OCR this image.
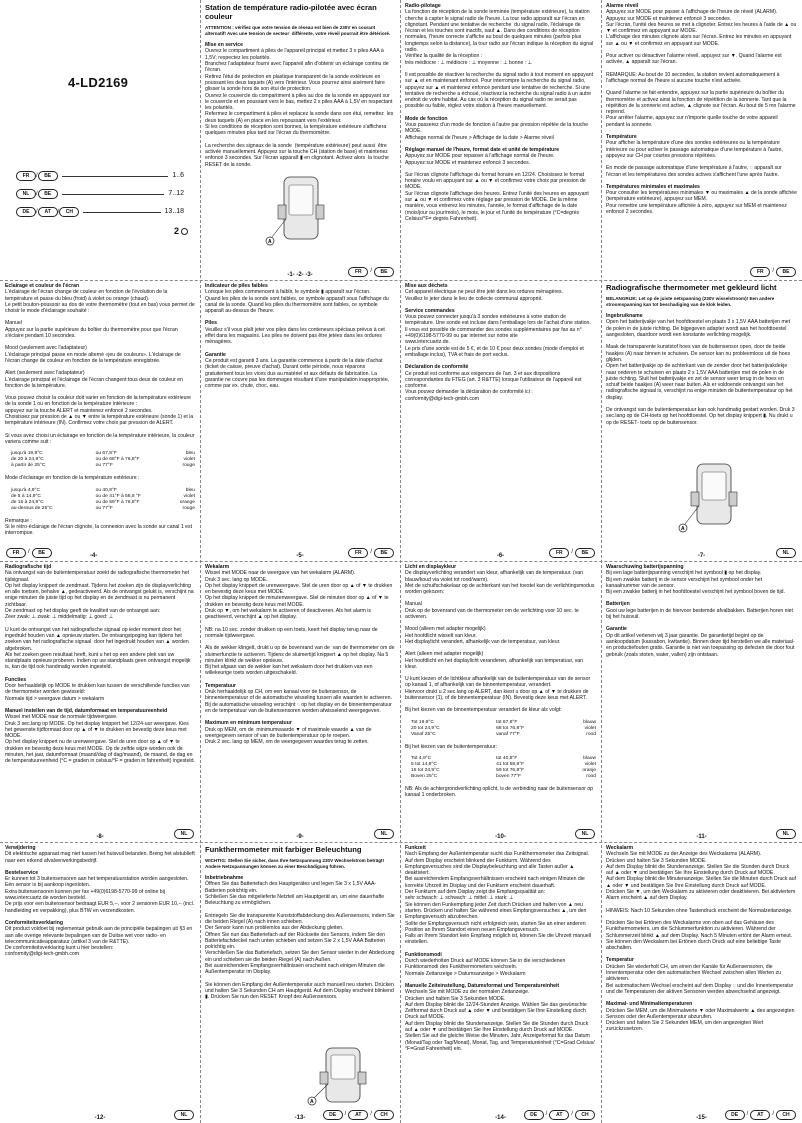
4-LD2169
FR	/	BE	1..6
NL	/	BE	7..12
DE	/	AT	/	CH	13..18
2
Station de température radio-pilotée avec écran couleur

ATTENTION : vérifiez que votre tension de réseau est bien de 230V en courant alternatif! Avec une tension de secteur  différente, votre réveil pourrait être détérioré.

Mise en service

Ouvrez le compartiment à piles de l'appareil principal et mettez 3 x piles AAA à 1,5V; respectez les polarités.
Branchez l'adaptateur fourni avec l'appareil afin d'obtenir un éclairage continu de l'écran.
Retirez l'étui de protection en plastique transparent de la sonde extérieure en poussant les deux taquets (A) vers l'intérieur. Vous pourrez ainsi aisément faire glisser la sonde hors de son étui de protection.
Ouvrez le couvercle du compartiment à piles au dos de la sonde en appuyant sur le couvercle et en poussant vers le bas, mettez 2 x piles AAA à 1,5V en respectant les polarités.
Refermez le compartiment à piles et replacez la sonde dans son étui, remettez  les deux taquets (A) en place en les repoussant vers l'extérieur.
Si les conditions de réception sont bonnes, la température extérieure s'affichera quelques minutes plus tard sur l'écran du thermomètre.

La recherche des signaux de la sonde  (température extérieure) peut aussi  être activée manuellement. Appuyez sur la touche CH (station de base) et maintenez enfoncé 3 secondes. Sur l'écran apparaît ▮ en clignotant. Activez alors  la touche RESET de la sonde.

A
-1- -2- -3-	FR	/	BE
Radio-pilotage

La fonction de réception de la sonde terminée (température extérieure), la station cherche à capter le signal radio de l'heure. La tour radio apparaît sur l'écran en clignotant. Pendant une tentative de recherche  du signal radio, l'éclairage de l'écran et les touches sont inactifs, sauf ▲. Dans des conditions de réception normales, l'heure correcte s'affiche au bout de quelques minutes (parfois plus longtemps selon la distance), la tour radio sur l'écran indique la réception du signal radio.
Vérifiez la qualité de la réception :
très médiocre : ⊥ médiocre : ⊥ moyenne : ⊥ bonne : ⊥

Il est possible de réactiver la recherche du signal radio à tout moment en appuyant sur ▲ et en maintenant enfoncé. Pour interrompre la recherche du signal radio, appuyez sur ▲ et maintenez enfoncé pendant une tentative de recherche. Si une tentative de recherche a échoué, réactivez la recherche du signal radio à un autre endroit de votre habitat. Au cas où la réception du signal radio ne serait pas possible ou faible, réglez votre station à l'heure manuellement.

Mode de fonction

Vous passerez d'un mode de fonction à l'autre par pression répétée de la touche MODE.
Affichage normal de l'heure > Affichage de la date > Alarme réveil

Réglage manuel de l'heure, format date et unité de température

Appuyez sur MODE pour repasser à l'affichage normal de l'heure.
Appuyez sur MODE et maintenez enfoncé 3 secondes.

Sur l'écran clignote l'affichage du format horaire en 12/24. Choisissez le format horaire voulu en appuyant sur ▲ ou ▼ et confirmez votre choix par pression de MODE.
Sur l'écran clignote l'affichage des heures. Entrez l'unité des heures en appuyant sur ▲ ou ▼ et confirmez votre réglage par pression de MODE. De la même manière, vous entrerez les minutes, l'année, le format d'affichage de la date (mois/jour ou jour/mois), le mois, le jour et l'unité de température (°C=degrés Celsius/°F= degrés Fahrenheit).

Alarme réveil

Appuyez sur MODE pour passer à l'affichage de l'heure de réveil (ALARM). Appuyez sur MODE et maintenez enfoncé 3 secondes.
Sur l'écran, l'unité des heures se met à clignoter. Entrez les heures à l'aide de ▲ ou ▼ et confirmez en appuyant sur MODE.
L'affichage des minutes clignote alors sur l'écran. Entrez les minutes en appuyant sur ▲ ou ▼ et confirmez en appuyant sur MODE.

Pour activer ou désactiver l'alarme réveil, appuyez sur ▼. Quand l'alarme est activée, ▲ apparaît sur l'écran.

REMARQUE: Au bout de 10 secondes, la station revient automatiquement à l'affichage normal de l'heure si aucune touche n'est activée.

Quand l'alarme se fait entendre, appuyez sur la partie supérieure du boîtier du thermomètre et activez ainsi la fonction de répétition de la sonnerie. Tant que la répétition de la sonnerie est active, ▲ clignote sur l'écran. Au bout de 5 mn l'alarme reprend.
Pour arrêter l'alarme, appuyez sur n'importe quelle touche de votre appareil pendant la sonnerie.

Température

Pour afficher la température d'une des sondes extérieures ou la température intérieure ou pour activer le passage automatique d'une température à l'autre, appuyez sur CH par courtes pressions répétées.

En mode de passage automatique d'une température à l'autre, ◌ apparaît sur l'écran et les températures des sondes actives s'affichent l'une après l'autre.

Températures minimales et maximales

Pour consulter les températures minimales ▼ ou maximales ▲ de la sonde affichée (température extérieure), appuyez sur MEM.
Pour remettre une température affichée à zéro, appuyez sur MEM et maintenez enfoncé 2 secondes.

FR	/	BE
Eclairage et couleur de l'écran

L'éclairage de l'écran change de couleur en fonction de l'évolution de la température et passe du bleu (froid) à violet ou orange (chaud).
Le petit bouton-poussoir au dos de votre thermomètre (tout en bas) vous permet de choisir le mode d'éclairage souhaité :

Manuel
Appuyez sur la partie supérieure du boîtier du thermomètre pour que l'écran s'éclaire pendant 10 secondes.

Mood (seulement avec l'adaptateur)
L'éclairage principal passe en mode alterné «jeu de couleurs». L'éclairage de l'écran change de couleur en fonction de la température enregistrée.

Alert (seulement avec l'adaptateur)
L'éclairage principal et l'éclairage de l'écran changent tous deux de couleur en fonction de la température.

Vous pouvez choisir la couleur doit varier en fonction de la température extérieure de la sonde 1 ou en fonction de la température intérieure :
appuyez sur la touche ALERT et maintenez enfoncé 2 secondes.
Choisissez par pression de ▲ ou ▼ entre la température extérieure (sonde 1) et la température intérieure (IN). Confirmez votre choix par pression de ALERT.

Si vous avez choisi un éclairage en fonction de la température intérieure, la couleur variera comme suit :

jusqu'à 19,9°C	ou 67,8°F	bleu
de 20 à 24,9°C	ou de 68°F à 76,8°F	violet
à partir de 25°C	ou 77°F	rouge

Mode d'éclairage en fonction de la température extérieure :

jusqu'à 4,9°C	ou 40,8°F	bleu
de 5 à 14,9°C	ou de 41°F à 58,8 °F	violet
de 15 à 24,9°C	ou de 59°F à 76,8°F	orange
au-dessus de 25°C	ou 77°F	rouge

Remarque :
Si le rétro-éclairage de l'écran clignote, la connexion avec la sonde sur canal 1 est interrompue.

FR	/	BE	-4-
Indicateur de piles faibles

Lorsque les piles commencent à faiblir, le symbole ▮ apparaît sur l'écran.
Quand les piles de la sonde sont faibles, ce symbole apparaît sous l'affichage du canal de la sonde. Quand les piles du thermomètre sont faibles, ce symbole apparaît au-dessus de l'heure.

Piles

Veuillez s'il vous plaît jeter vos piles dans les conteneurs spéciaux prévus à cet effet dans les magasins. Les piles ne doivent pas être jetées dans les ordures ménagères.

Garantie

Ce produit est garanti 3 ans. La garantie commence à partir de la date d'achat (ticket de caisse, preuve d'achat). Durant cette période, nous réparons gratuitement tous les vices dus au matériel et aux défauts de fabrication. La garantie ne couvre pas les dommages résultant d'une manipulation inappropriée, comme par ex. chute, choc, eau.

-5-	FR	/	BE
Mise aux déchets

Cet appareil électrique ne peut être jeté dans les ordures ménagères.
Veuillez le jeter dans le lieu de collecte communal approprié.

Service commandes

Vous pouvez connecter jusqu'à 3 sondes extérieures à votre station de température. Une sonde est incluse dans l'emballage lors de l'achat d'une station.
Il vous est possible de commander des sondes supplémentaires par fax au n° +49(0)6198-5770-99 ou par internet sur notre site
www.intercuartz.de.
Le prix d'une sonde est de 5 €, et de 10 € pour deux sondes (mode d'emploi et emballage inclus), TVA et frais de port exclus.

Déclaration de conformité

Ce produit est conforme aux exigences de l'art. 3 et aux dispositions correspondantes du FTEG (art. 3 R&TTE) lorsque l'utilisateur de l'appareil est conforme.
Vous pouvez demander la déclaration de conformité ici :
conformity@digi-tech-gmbh.com

-6-	FR	/	BE
Radiografische thermometer met gekleurd licht

BELANGRIJK: Let op de juiste netspanning (230V wisselstroom)! Een andere stroomspanning kan tot beschadiging van de klok leiden.

Ingebruikname

Open het batterijvakje van het hoofdtoestel en plaats 3 x 1,5V AAA batterijen met de polen in de juiste richting. De bijgegeven adapter wordt aan het hoofdtoestel aangesloten, daardoor wordt een konstante verlichting mogelijk.

Maak de transparente kunststof hoes van de buitensensor open, door de beide haakjes (A) naar binnen te schuiven. De sensor kan nu probleemloos uit de hoes glijden.
Open het batterijvakje op de achterkant van de zender door het batterijvakdekje naar onderen te schuiven en plaats 2 x 1,5V AAA batterijen met de polen in de juiste richting. Sluit het batterijvakje en zet de sensor weer terug in de hoes en schuif beide haakjes (A) weer naar buiten. Als er voldoende ontvangst van het radiografische signaal is, verschijnt na enige minuten de buitentemperatuur op het display.

De ontvangst van de buitentemperatuur kan ook handmatig gestart worden. Druk 3 sec.lang op de CH-toets op het hoofdtoestel. Op het display knippert ▮. Nu drukt u op de RESET- toets op de buitensensor.

A
-7-	NL
Radiografische tijd

Na ontvangst van de buitentemperatuur zoekt de radiografische thermometer het tijdsignaal.
Op het display knippert de zendmast. Tijdens het zoeken zijn de displayverlichting en alle toetsen, behalve ▲, gedeactiveerd. Als de ontvangst gelukt is, verschijnt na enige minuten de juiste tijd op het display en de zendmast is nu permanent zichtbaar.
De zendmast op het display geeft de kwaliteit van de ontvangst aan:
Zeer zwak: ⊥ zwak: ⊥ middelmatig: ⊥ goed: ⊥

U kunt de ontvangst van het radiografische signaal op ieder moment door het ingedrukt houden van ▲ opnieuw starten. De ontvangstpoging kan tijdens het zoeken van het radiografische signaal  door het ingedrukt houden van ▲ worden afgebroken.
Als het zoeken geen resultaat heeft, kunt u het op een andere plek van uw standplaats opnieuw proberen. Indien op uw standplaats geen ontvangst mogelijk is, kan de tijd ook handmatig worden ingesteld.

Functies

Door herhaaldelijk op MODE te drukken kan tussen de verschillende functies van de thermometer worden gewisseld:
Normale tijd > weergave datum > wekalarm

Manuel instellen van de tijd, datumformaat en temperatuureenheid

Wissel met MODE naar de normale tijdweergave.
Druk 3 sec.lang op MODE. Op het display knippert het 12/24-uur weergave. Kies het gewenste tijdformaat door op ▲ of ▼ te drukken en bevestig deze keus met MODE.
Op het display knippert nu de urenweergave. Stel de uren door op ▲ of ▼ te drukken en bevestig deze keus met MODE. Op de zelfde wijze worden ook de minuten, het jaar, datumformaat (maand/dag of dag/maand), de maand, de dag en de temperatuureenheid (°C = graden in celsius/°F = graden in fahrenheit) ingesteld.

-8-	NL
Wekalarm

Wissel met MODE naar de weergave van het wekalarm (ALARM).
Druk 3 sec. lang op MODE.
Op het display knippert de urenweergave. Stel de uren door op ▲ of ▼ te drukken en bevestig deze keus met MODE.
Op het display knippert de minutenweergave. Stel de minuten door op ▲ of ▼ te drukken en bevestig deze keus met MODE.
Druk op ▼, om het wekalarm te activeren of deactiveren. Als het alarm is geactiveerd, verschijnt ▲ op het display.

NB: na 10 sec. zonder drukken op een toets, keert het display terug naar de normale tijdweergave.

Als de wekker klingelt, drukt u op de bovenrand van de  van de thermometer om de sluimerfunctie te activeren. Tijdens de sluimertijd knippert ▲ op het display. Na 5 minuten klinkt de wekker opnieuw.
Bij het afgaan van de wekker kan het wekalarm door het drukken van een willekeurige toets worden uitgeschakeld.

Temperatuur

Druk herhaaldelijk op CH, om een kanaal voor de buitensensor, de binnentemperatuur of de automatische wisseling tussen alle waarden te activeren.
Bij de automatische wisseling verschijnt ◌ op het display en de binnentemperatuur en de temperatuur van de buitensensoren worden afwisselend weergegeven.

Maximum en minimum temperatuur

Druk op MEM, om de  minimumwaarde ▼ of maximale waarde ▲ van de weergegeven sensor of van de buitentemperatuur op te roepen.
Druk 2 sec. lang op MEM, om de weergegeven waardes terug te zetten.

-9-	NL
Licht en displaykleur

De displayverlichting verandert van kleur, afhankelijk van de temperatuur. (van blauw/koud via violet tot rood/warm).
Met de schuifschakelaar op de achterkant van het toestel kan de verlichtingsmodus worden gekozen:

Manual
Druk op de bovenrand van de thermometer om de verlichting voor 10 sec. te activeren.

Mood (alleen met adapter mogelijk)
Het hoofdlicht wisselt van kleur.
Het displaylicht verandert, afhankelijk van de temperatuur, van kleur.

Alert (alleen met adapter mogelijk)
Het hoofdlicht en het displaylicht veranderen, afhankelijk van temperatuur, van kleur.

U kunt kiezen of de lichtkleur afhankelijk van de buitentemperatuur van de sensor op kanaal 1, of afhankelijk van de binnentemperatuur, verandert.
Hiervoor drukt u 2 sec.lang op ALERT, dan kiest u door op ▲ of ▼ te drukken de buitensensor (1), of de binnentemperatuur (IN). Bevestig deze keus met ALERT.

Bij het kiezen van de binnentemperatuur verandert de kleur als volgt:

Tot 19,9°C	tot 67,8°F	blauw
20 tot 24,9°C	68 tot 76,8°F	violet
Vanaf 25°C	vanaf 77°F	rood

Bij het kiezen van de buitentemperatuur:

Tot 4,9°C	tot 40,8°F	blauw
5 tot 14,9°C	41 tot 58,8°F	violet
15 tot 24,9°C	59 tot 76,8°F	oranje
Boven 25°C	boven 77°F	rood

NB: Als de achtergrondverlichting oplicht, is de verbinding naar de buitensensor op kanaal 1 onderbroken.

-10-	NL
Waarschuwing batterijspanning

Bij een lage batterijspanning verschijnt het symbool ▮ op het display.
Bij een zwakke batterij in de sensor verschijnt het symbool onder het kanaalnummer van de sensor.
Bij een zwakke batterij in het hoofdtoestel verschijnt het symbool boven de tijd.

Batterijen

Gooi uw lege batterijen in de hiervoor bestemde afvalbakken. Batterijen horen niet bij het huisvuil.

Garantie

Op dit artikel verlenen wij 3 jaar garantie. De garantietijd begint op de aankoopdatum (kassabon, kwitantie). Binnen deze tijd herstellen we alle materiaal- en productiefouten gratis. Garantie is niet van toepassing op defecten die door fout gebruik (zoals stoten, water, vallen) zijn ontstaan.

-11-	NL
Verwijdering

Dit elektrische apparaat mag niet tussen het huisvuil belanden. Breng het alstublieft naar een erkend afvalverwerkingsbedrijf.

Bestelservice

Er kunnen tot 3 buitensensoren aan het temperatuurstation worden aangesloten. Eén sensor is bij aankoop ingesloten.
Extra buitensensoren kunnen per fax +49(0)6198-5770-99 of online bij www.intercuartz.de worden besteld.
De prijs voor een buitensensor bedraagt EUR 5,--, voor 2 sensoren EUR 10,-- (incl. handleiding en verpakking), plus BTW en verzendkosten.

Conformiteitsverklaring

Dit product voldoet bij reglementair gebruik aan de principiële bepalingen uit §3 en aan alle overige relevante bepalingen van de Duitse wet voor radio- en telecommunicatieapparatuur (artikel 3 van de R&TTE).
De conformiteitsverklaring kunt u hier bestellen:
conformity@digi-tech-gmbh.com

-12-	NL
Funkthermometer mit farbiger Beleuchtung

WICHTIG: Stellen Sie sicher, dass Ihre Netzspannung 230V Wechselstrom beträgt! Andere Netzspannungen können zu einer Beschädigung führen.

Inbetriebnahme

Öffnen Sie das Batteriefach des Hauptgerätes und legen Sie 3 x 1,5V AAA-Batterien polrichtig ein.
Schließen Sie das mitgelieferte Netzteil am Hauptgerät an, um eine dauerhafte Beleuchtung zu ermöglichen.

Entriegeln Sie die transparente Kunststoffabdeckung des Außensensors, indem Sie die beiden Riegel (A) nach innen schieben.
Der Sensor kann nun problemlos aus der Abdeckung gleiten.
Öffnen Sie nun das Batteriefach auf der Rückseite des Sensors, indem Sie den Batteriefachdeckel nach unten schieben und setzen Sie 2 x 1,5V AAA Batterien polrichtig ein.
Verschließen Sie das Batteriefach, setzen Sie den Sensor wieder in der Abdeckung ein und schieben sie die beiden Riegel (A) nach Außen.
Bei ausreichendem Empfangsverhältnissen erscheint nach einigen Minuten die Außentemperatur im Display.

Sie können den Empfang der Außentemperatur auch manuell neu starten. Drücken und halten Sie 3 Sekunden CH am Hauptgerät. Auf dem Display erscheint blinkend ▮. Drücken Sie nun den RESET Knopf des Außensensors.

A
-13-	DE	/	AT	/	CH
Funkzeit

Nach Empfang der Außentemperatur sucht das Funkthermometer das Zeitsignal. Auf dem Display erscheint blinkend der Funkturm. Während des Empfangsversuches sind die Displaybeleuchtung und alle Tasten außer ▲ deaktiviert.
Bei ausreichendem Empfangsverhältnissen erscheint nach einigen Minuten die korrekte Uhrzeit im Display und der Funkturm erscheint dauerhaft.
Der Funkturm auf dem Display zeigt die Empfangsqualität an:
sehr schwach: ⊥ schwach: ⊥ mittel: ⊥ stark: ⊥
Sie können den Funkempfang jeder Zeit durch Drücken und halten von ▲ neu starten. Drücken und halten Sie während eines Empfangsversuches ▲, um den Empfangsversuch abzubrechen.
Sollte der Empfangsversuch nicht erfolgreich sein, starten Sie an einer anderen Position an Ihrem Standort einen neuen Empfangsversuch.
Falls an Ihrem Standort kein Empfang möglich ist, können Sie die Uhrzeit manuell einstellen.

Funktionsmodi

Durch wiederholten Druck auf MODE können Sie in die verschiedenen Funktionsmodi des Funkthermometers wechseln.
Normale Zeitanzeige > Datumsanzeige > Weckalarm

Manuelle Zeiteinstellung, Datumsformat und Temperatureinheit

Wechseln Sie mit MODE zu der normalen Zeitanzeige.
Drücken und halten Sie 3 Sekunden MODE.
Auf dem Display blinkt die 12/24-Stunden Anzeige. Wählen Sie das gewünschte Zeitformat durch Druck auf ▲ oder ▼ und bestätigen Sie Ihre Einstellung durch Druck auf MODE.
Auf dem Display blinkt die Stundenanzeige. Stellen Sie die Stunden durch Druck auf ▲ oder ▼ und bestätigen Sie Ihre Einstellung durch Druck auf MODE.
Stellen Sie auf die gleiche Weise die Minuten, Jahr, Anzeigeformat für das Datum (Monat/Tag oder Tag/Monat), Monat, Tag, und Temperatureinheit (°C=Grad Celsius/°F=Grad Fahrenheit) ein.

-14-	DE	/	AT	/	CH
Weckalarm

Wechseln Sie mit MODE zu der Anzeige des Weckalarms (ALARM).
Drücken und halten Sie 3 Sekunden MODE.
Auf dem Display blinkt die Stundenanzeige. Stellen Sie die Stunden durch Druck auf ▲ oder ▼ und bestätigen Sie Ihre Einstellung durch Druck auf MODE.
Auf dem Display blinkt die Minutenanzeige. Stellen Sie die Minuten durch Druck auf ▲ oder ▼ und bestätigen Sie Ihre Einstellung durch Druck auf MODE.
Drücken Sie ▼, um den Weckalarm zu aktivieren oder deaktivieren. Bei aktiviertem Alarm erscheint ▲ auf dem Display.

HINWEIS: Nach 10 Sekunden ohne Tastendruck erscheint die Normalzeitanzeige.

Drücken Sie bei Ertönen des Weckalarms von oben auf das Gehäuse des Funkthermometers, um die Schlummerfunktion zu aktivieren. Während der Schlummerzeit blinkt ▲ auf dem Display. Nach 5 Minuten ertönt der Alarm erneut.
Sie können den Weckalarm bei Ertönen durch Druck auf eine beliebige Taste abschalten.

Temperatur

Drücken Sie wiederholt CH, um einen der Kanäle für Außensensoren, die Innentemperatur oder den automatischen Wechsel zwischen allen Werten zu aktivieren.
Bei automatischem Wechsel erscheint auf dem Display ◌ und die Innentemperatur und die Temperaturen der aktiven Sensoren werden abwechselnd angezeigt.

Maximal- und Minimaltemperaturen

Drücken Sie MEM, um die Minimalwerte ▼ oder Maximalwerte ▲ des angezeigten Sensors oder der Außentemperatur abzurufen.
Drücken und halten Sie 2 Sekunden MEM, um den angezeigten Wert zurückzusetzen.

-15-	DE	/	AT	/	CH
